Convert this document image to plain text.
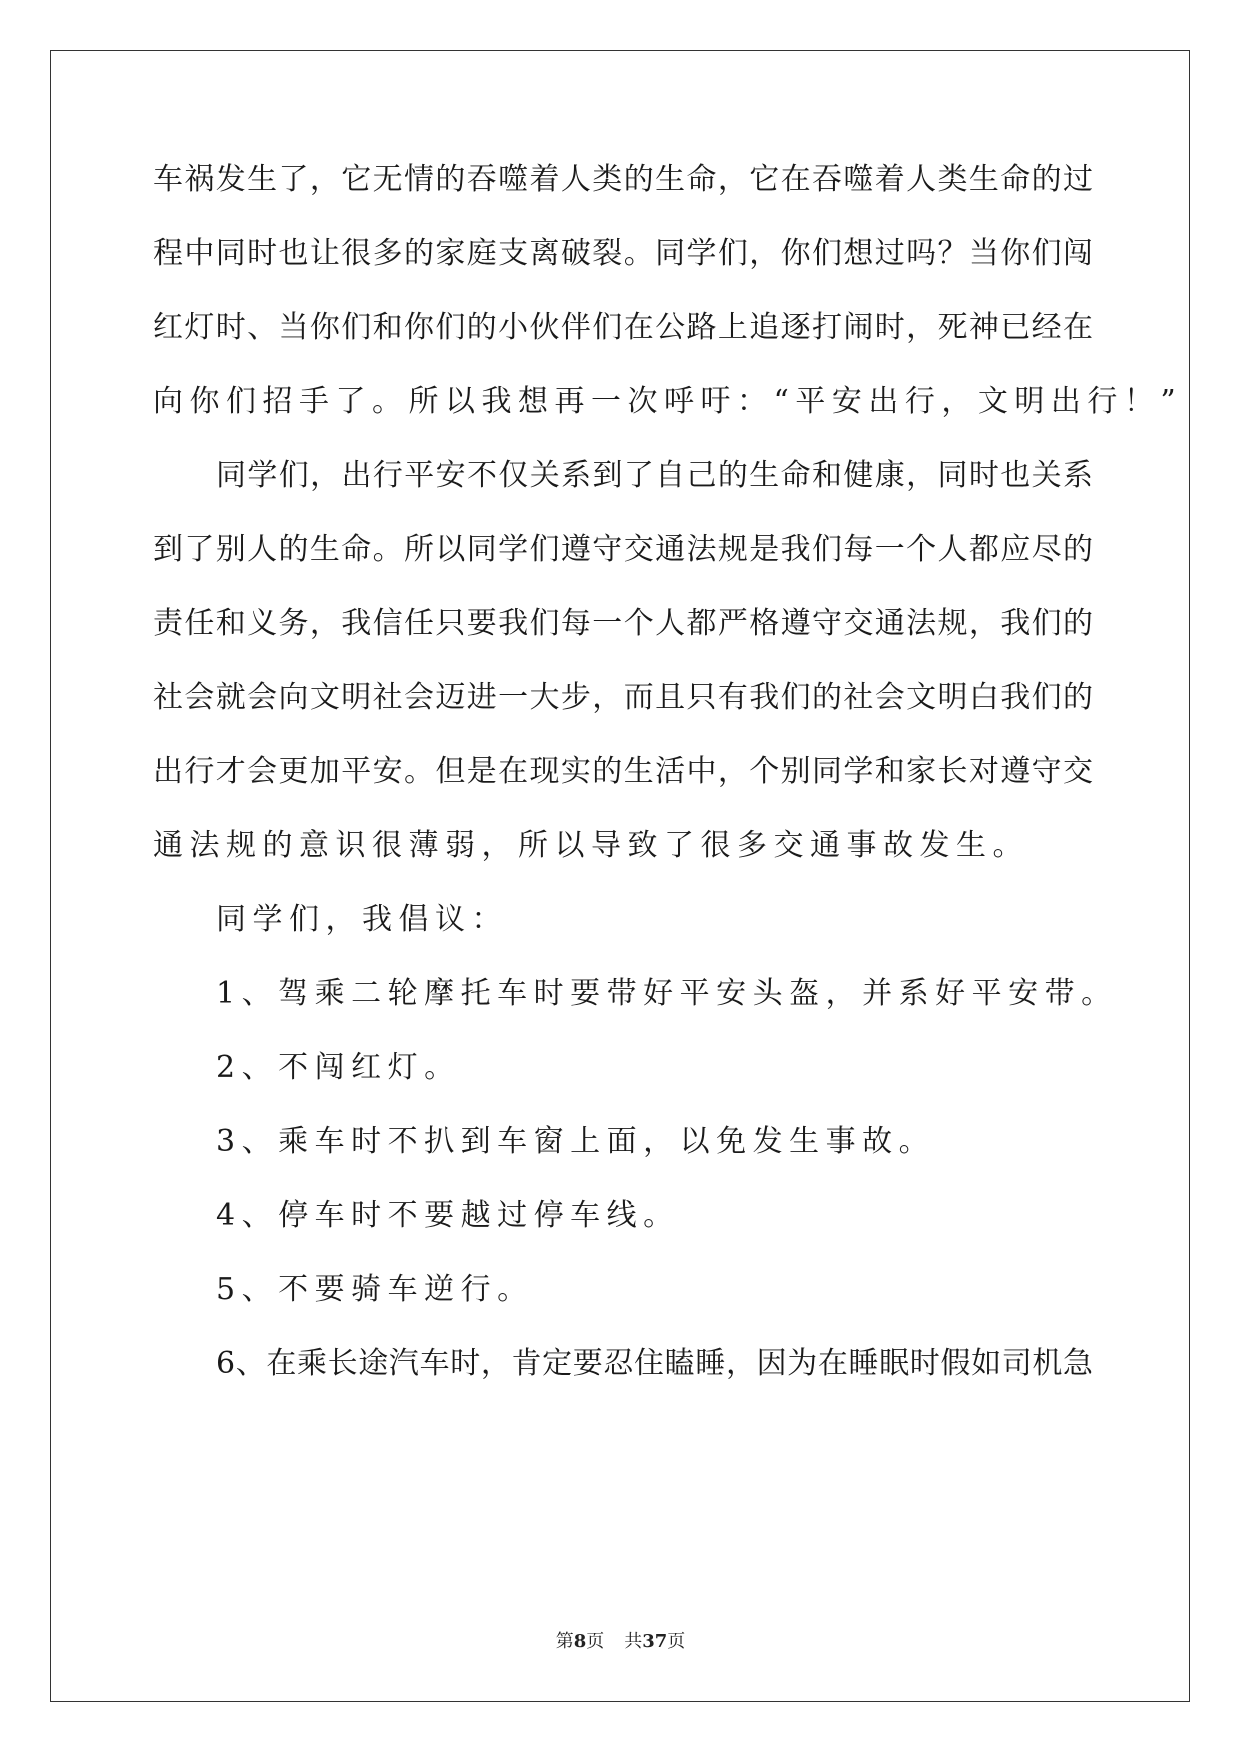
车祸发生了，它无情的吞噬着人类的生命，它在吞噬着人类生命的过
程中同时也让很多的家庭支离破裂。同学们，你们想过吗？当你们闯
红灯时、当你们和你们的小伙伴们在公路上追逐打闹时，死神已经在
向你们招手了。所以我想再一次呼吁：“平安出行，文明出行！”
同学们，出行平安不仅关系到了自己的生命和健康，同时也关系
到了别人的生命。所以同学们遵守交通法规是我们每一个人都应尽的
责任和义务，我信任只要我们每一个人都严格遵守交通法规，我们的
社会就会向文明社会迈进一大步，而且只有我们的社会文明白我们的
出行才会更加平安。但是在现实的生活中，个别同学和家长对遵守交
通法规的意识很薄弱，所以导致了很多交通事故发生。
同学们，我倡议：
1、驾乘二轮摩托车时要带好平安头盔，并系好平安带。
2、不闯红灯。
3、乘车时不扒到车窗上面，以免发生事故。
4、停车时不要越过停车线。
5、不要骑车逆行。
6、在乘长途汽车时，肯定要忍住瞌睡，因为在睡眠时假如司机急
第8页 共37页
